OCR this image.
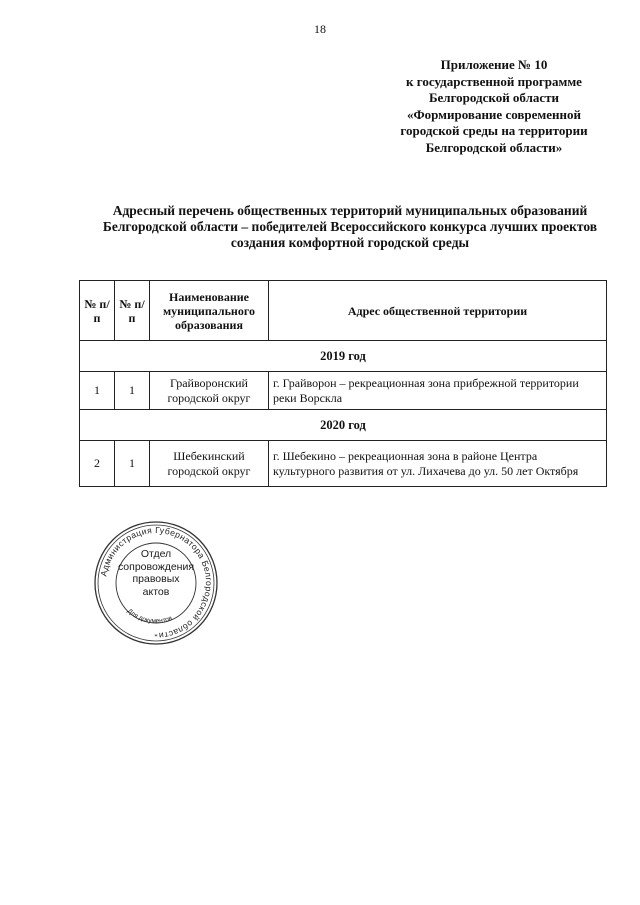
18
Приложение № 10
к государственной программе
Белгородской области
«Формирование современной
городской среды на территории
Белгородской области»
Адресный перечень общественных территорий муниципальных образований
Белгородской области – победителей Всероссийского конкурса лучших проектов
создания комфортной городской среды
№ п/п	№ п/п	Наименование муниципального образования	Адрес общественной территории
2019 год			
1	1	Грайворонский городской округ	г. Грайворон – рекреационная зона прибрежной территории реки Ворскла
2020 год			
2	1	Шебекинский городской округ	г. Шебекино – рекреационная зона в районе Центра культурного развития от ул. Лихачева до ул. 50 лет Октября
Администрация Губернатора Белгородской области
Для документов
*
Отдел
сопровождения
правовых
актов
